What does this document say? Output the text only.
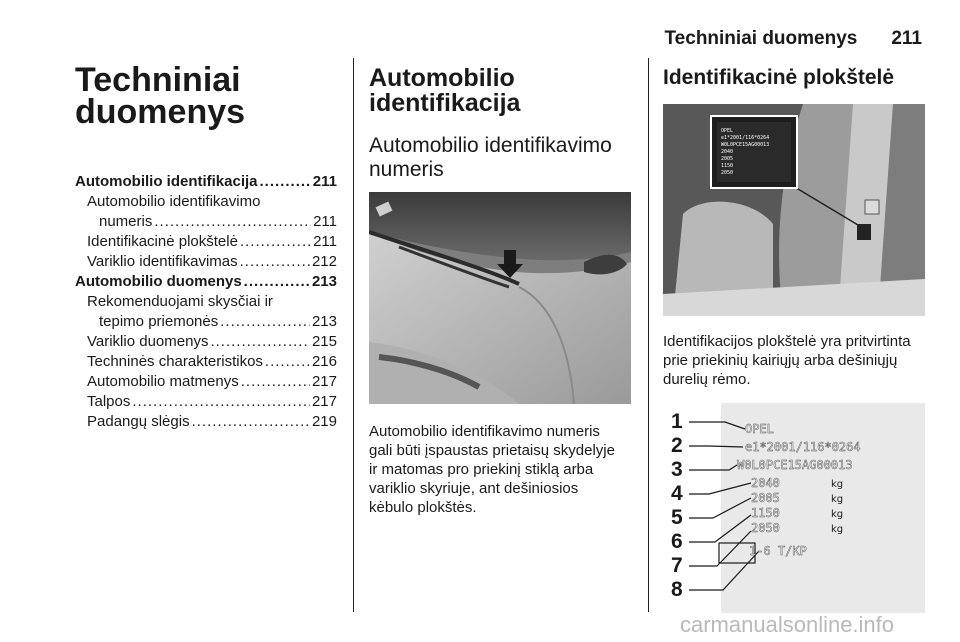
Techniniai duomenys 211
Techniniai
duomenys
Automobilio identifikacija .....	211
Automobilio identifikavimo
numeris .....	211
Identifikacinė plokštelė .....	211
Variklio identifikavimas .....	212
Automobilio duomenys .....	213
Rekomenduojami skysčiai ir
tepimo priemonės .....	213
Variklio duomenys .....	215
Techninės charakteristikos .....	216
Automobilio matmenys .....	217
Talpos .....	217
Padangų slėgis .....	219
Automobilio
identifikacija
Automobilio identifikavimo
numeris
Automobilio identifikavimo numeris
gali būti įspaustas prietaisų skydelyje
ir matomas pro priekinį stiklą arba
variklio skyriuje, ant dešiniosios
kėbulo plokštės.
Identifikacinė plokštelė
OPEL
e1*2001/116*0264
W0L0PCE15AG00013
2040
2005
1150
2050
Identifikacijos plokštelė yra pritvirtinta
prie priekinių kairiųjų arba dešiniųjų
durelių rėmo.
1
2
3
4
5
6
7
8
OPEL
e1*2001/116*0264
W0L0PCE15AG00013
2040
2005
1150
2050
1-6 T/KP
kg
kg
kg
kg
carmanualsonline.info
